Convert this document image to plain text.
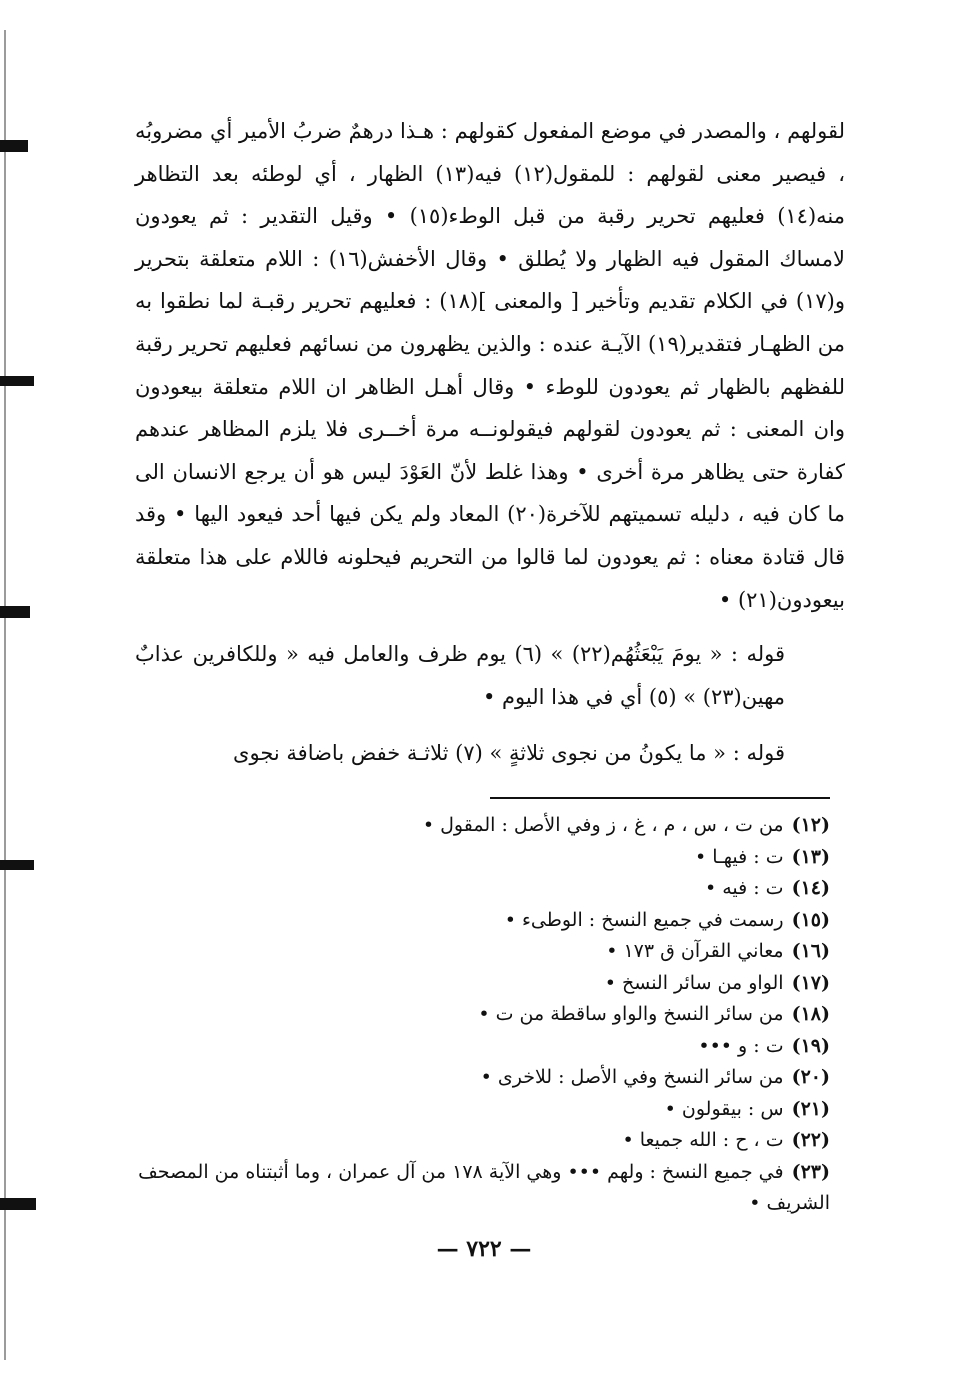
لقولهم ، والمصدر في موضع المفعول كقولهم : هـذا درهمٌ ضربُ الأمير أي مضروبُه ، فيصير معنى لقولهم : للمقول(١٢) فيه(١٣) الظهار ، أي لوطئه بعد التظاهر منه(١٤) فعليهم تحرير رقبة من قبل الوطء(١٥) • وقيل التقدير : ثم يعودون لامساك المقول فيه الظهار ولا يُطلق • وقال الأخفش(١٦) : اللام متعلقة بتحرير و(١٧) في الكلام تقديم وتأخير [ والمعنى ](١٨) : فعليهم تحرير رقبـة لما نطقوا به من الظهـار فتقدير(١٩) الآيـة عنده : والذين يظهرون من نسائهم فعليهم تحرير رقبة للفظهم بالظهار ثم يعودون للوطء • وقال أهـل الظاهر ان اللام متعلقة بيعودون وان المعنى : ثم يعودون لقولهم فيقولونــه مرة أخــرى فلا يلزم المظاهر عندهم كفارة حتى يظاهر مرة أخرى • وهذا غلط لأنّ العَوْدَ ليس هو أن يرجع الانسان الى ما كان فيه ، دليله تسميتهم للآخرة(٢٠) المعاد ولم يكن فيها أحد فيعود اليها • وقد قال قتادة معناه : ثم يعودون لما قالوا من التحريم فيحلونه فاللام على هذا متعلقة بيعودون(٢١) •

قوله : « يومَ يَبْعَثُهُم(٢٢) » (٦) يوم ظرف والعامل فيه « وللكافرين عذابٌ مهين(٢٣) » (٥) أي في هذا اليوم •

قوله : « ما يكونُ من نجوى ثلاثةٍ » (٧) ثلاثـة خفض باضافة نجوى

(١٢)من ت ، س ، م ، غ ، ز وفي الأصل : المقول •

(١٣)ت : فيهـا •

(١٤)ت : فيه •

(١٥)رسمت في جميع النسخ : الوطىء •

(١٦)معاني القرآن ق ١٧٣ •

(١٧)الواو من سائر النسخ •

(١٨)من سائر النسخ والواو ساقطة من ت •

(١٩)ت : و •••

(٢٠)من سائر النسخ وفي الأصل : للاخرى •

(٢١)س : بيقولون •

(٢٢)ت ، ح : الله جميعا •

(٢٣)في جميع النسخ : ولهم ••• وهي الآية ١٧٨ من آل عمران ، وما أثبتناه من المصحف الشريف •

— ٧٢٢ —
